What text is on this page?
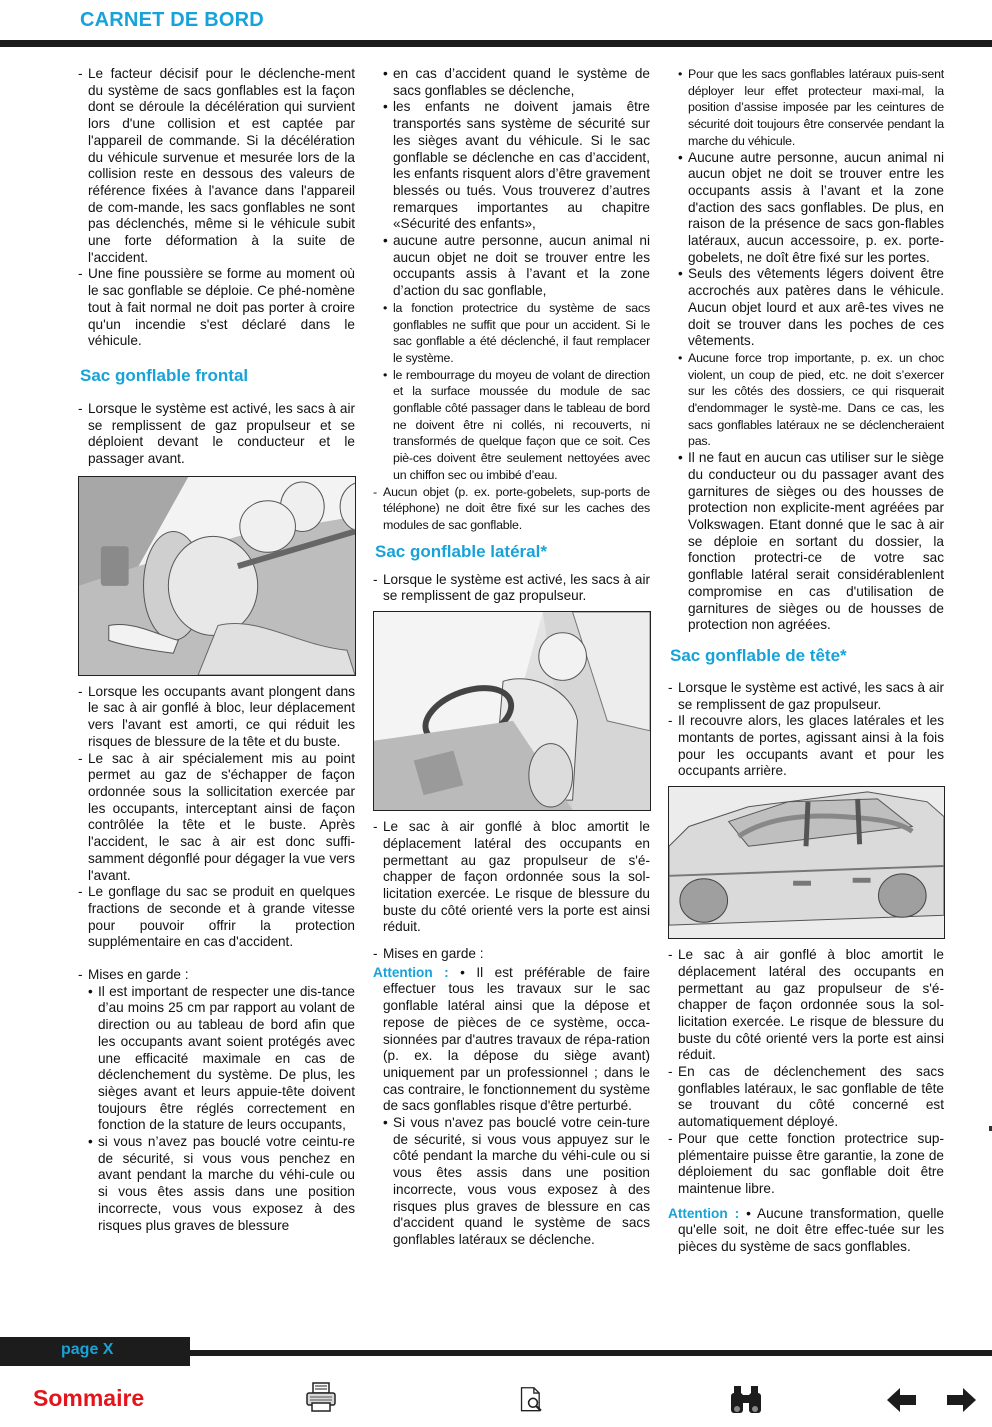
CARNET DE BORD
- Le facteur décisif pour le déclenche-ment du système de sacs gonflables est la façon dont se déroule la décélération qui survient lors d'une collision et est captée par l'appareil de commande. Si la décélération du véhicule survenue et mesurée lors de la collision reste en dessous des valeurs de référence fixées à l'avance dans l'appareil de com-mande, les sacs gonflables ne sont pas déclenchés, même si le véhicule subit une forte déformation à la suite de l'accident.
- Une fine poussière se forme au moment où le sac gonflable se déploie. Ce phé-nomène tout à fait normal ne doit pas porter à croire qu'un incendie s'est déclaré dans le véhicule.
Sac gonflable frontal
- Lorsque le système est activé, les sacs à air se remplissent de gaz propulseur et se déploient devant le conducteur et le passager avant.
- Lorsque les occupants avant plongent dans le sac à air gonflé à bloc, leur déplacement vers l'avant est amorti, ce qui réduit les risques de blessure de la tête et du buste.
- Le sac à air spécialement mis au point permet au gaz de s'échapper de façon ordonnée sous la sollicitation exercée par les occupants, interceptant ainsi de façon contrôlée la tête et le buste. Après l'accident, le sac à air est donc suffi-samment dégonflé pour dégager la vue vers l'avant.
- Le gonflage du sac se produit en quelques fractions de seconde et à grande vitesse pour pouvoir offrir la protection supplémentaire en cas d'accident.
- Mises en garde :
• Il est important de respecter une dis-tance d’au moins 25 cm par rapport au volant de direction ou au tableau de bord afin que les occupants avant soient protégés avec une efficacité maximale en cas de déclenchement du système. De plus, les sièges avant et leurs appuie-tête doivent toujours être réglés correctement en fonction de la stature de leurs occupants,
• si vous n’avez pas bouclé votre ceintu-re de sécurité, si vous vous penchez en avant pendant la marche du véhi-cule ou si vous êtes assis dans une position incorrecte, vous vous exposez à des risques plus graves de blessure
• en cas d’accident quand le système de sacs gonflables se déclenche,
• les enfants ne doivent jamais être transportés sans système de sécurité sur les sièges avant du véhicule. Si le sac gonflable se déclenche en cas d’accident, les enfants risquent alors d’être gravement blessés ou tués. Vous trouverez d’autres remarques importantes au chapitre «Sécurité des enfants»,
• aucune autre personne, aucun animal ni aucun objet ne doit se trouver entre les occupants assis à l’avant et la zone d’action du sac gonflable,
• la fonction protectrice du système de sacs gonflables ne suffit que pour un accident. Si le sac gonflable a été déclenché, il faut remplacer le système.
• le rembourrage du moyeu de volant de direction et la surface moussée du module de sac gonflable côté passager dans le tableau de bord ne doivent être ni collés, ni recouverts, ni transformés de quelque façon que ce soit. Ces piè-ces doivent être seulement nettoyées avec un chiffon sec ou imbibé d’eau.
- Aucun objet (p. ex. porte-gobelets, sup-ports de téléphone) ne doit être fixé sur les caches des modules de sac gonflable.
Sac gonflable latéral*
- Lorsque le système est activé, les sacs à air se remplissent de gaz propulseur.
- Le sac à air gonflé à bloc amortit le déplacement latéral des occupants en permettant au gaz propulseur de s'é-chapper de façon ordonnée sous la sol-licitation exercée. Le risque de blessure du buste du côté orienté vers la porte est ainsi réduit.
- Mises en garde :
Attention : • Il est préférable de faire effectuer tous les travaux sur le sac gonflable latéral ainsi que la dépose et repose de pièces de ce système, occa-sionnées par d'autres travaux de répa-ration (p. ex. la dépose du siège avant) uniquement par un professionnel ; dans le cas contraire, le fonctionnement du système de sacs gonflables risque d'être perturbé.
• Si vous n'avez pas bouclé votre cein-ture de sécurité, si vous vous appuyez sur le côté pendant la marche du véhi-cule ou si vous êtes assis dans une position incorrecte, vous vous exposez à des risques plus graves de blessure en cas d'accident quand le système de sacs gonflables latéraux se déclenche.
• Pour que les sacs gonflables latéraux puis-sent déployer leur effet protecteur maxi-mal, la position d’assise imposée par les ceintures de sécurité doit toujours être conservée pendant la marche du véhicule.
• Aucune autre personne, aucun animal ni aucun objet ne doit se trouver entre les occupants assis à l’avant et la zone d'action des sacs gonflables. De plus, en raison de la présence de sacs gon-flables latéraux, aucun accessoire, p. ex. porte-gobelets, ne doît être fixé sur les portes.
• Seuls des vêtements légers doivent être accrochés aux patères dans le véhicule. Aucun objet lourd et aux arê-tes vives ne doit se trouver dans les poches de ces vêtements.
• Aucune force trop importante, p. ex. un choc violent, un coup de pied, etc. ne doit s’exercer sur les côtés des dossiers, ce qui risquerait d'endommager le systè-me. Dans ce cas, les sacs gonflables latéraux ne se déclencheraient pas.
• Il ne faut en aucun cas utiliser sur le siège du conducteur ou du passager avant des garnitures de sièges ou des housses de protection non explicite-ment agréées par Volkswagen. Etant donné que le sac à air se déploie en sortant du dossier, la fonction protectri-ce de votre sac gonflable latéral serait considérablenlent compromise en cas d'utilisation de garnitures de sièges ou de housses de protection non agréées.
Sac gonflable de tête*
- Lorsque le système est activé, les sacs à air se remplissent de gaz propulseur.
- Il recouvre alors, les glaces latérales et les montants de portes, agissant ainsi à la fois pour les occupants avant et pour les occupants arrière.
- Le sac à air gonflé à bloc amortit le déplacement latéral des occupants en permettant au gaz propulseur de s'é-chapper de façon ordonnée sous la sol-licitation exercée. Le risque de blessure du buste du côté orienté vers la porte est ainsi réduit.
- En cas de déclenchement des sacs gonflables latéraux, le sac gonflable de tête se trouvant du côté concerné est automatiquement déployé.
- Pour que cette fonction protectrice sup-plémentaire puisse être garantie, la zone de déploiement du sac gonflable doit être maintenue libre.
Attention : • Aucune transformation, quelle qu'elle soit, ne doit être effec-tuée sur les pièces du système de sacs gonflables.
page X
Sommaire
